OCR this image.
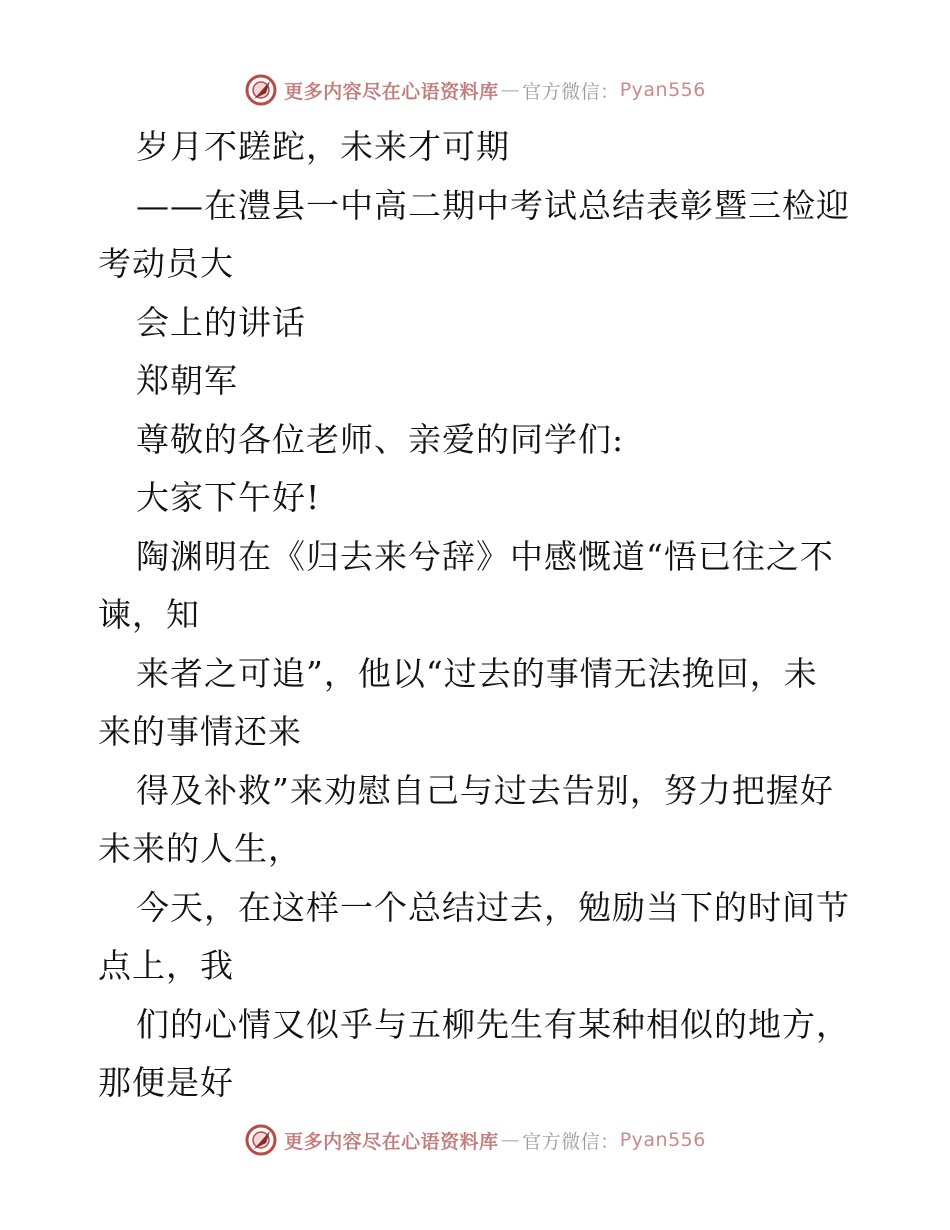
更多内容尽在心语资料库 — 官方微信： Pyan556
岁月不蹉跎，未来才可期
——在澧县一中高二期中考试总结表彰暨三检迎
考动员大
会上的讲话
郑朝军
尊敬的各位老师、亲爱的同学们:
大家下午好!
陶渊明在《归去来兮辞》中感慨道“悟已往之不
谏，知
来者之可追”，他以“过去的事情无法挽回，未
来的事情还来
得及补救”来劝慰自己与过去告别，努力把握好
未来的人生，
今天，在这样一个总结过去，勉励当下的时间节
点上，我
们的心情又似乎与五柳先生有某种相似的地方，
那便是好
更多内容尽在心语资料库 — 官方微信： Pyan556
